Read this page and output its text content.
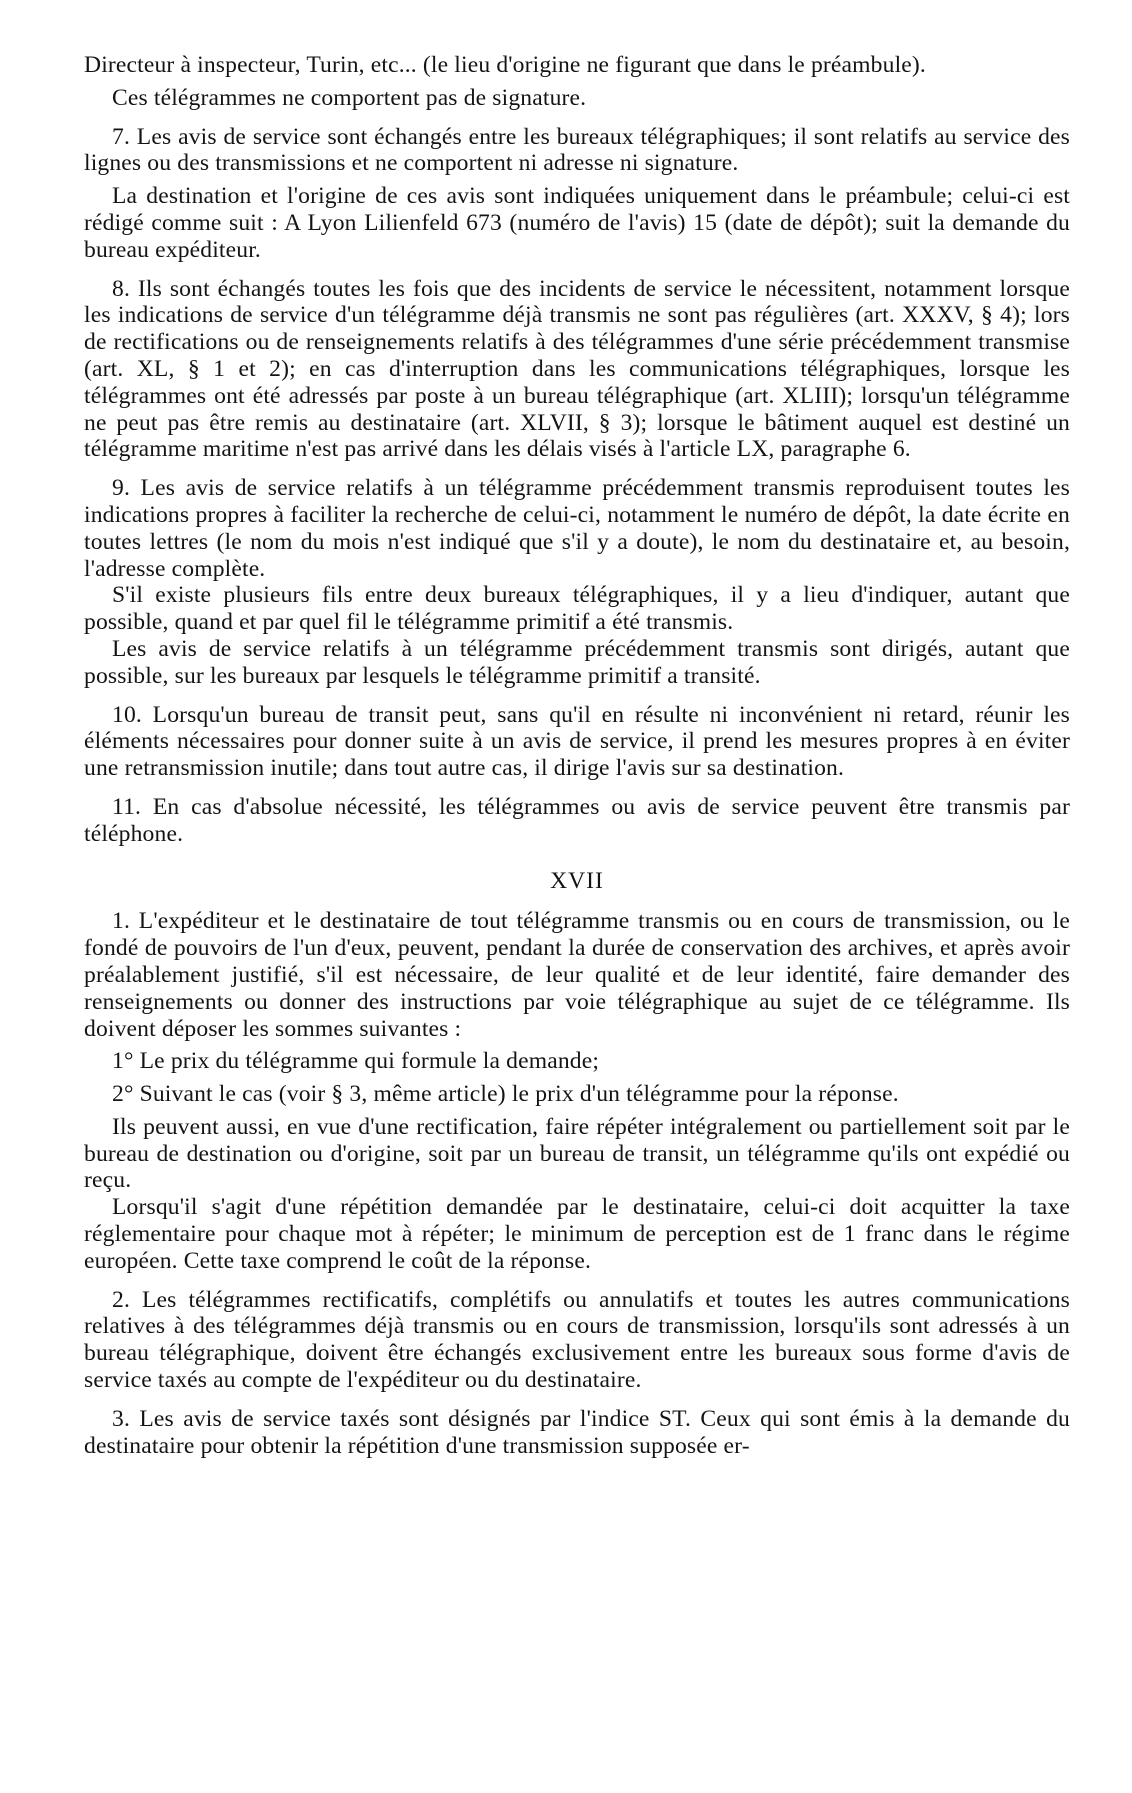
Directeur à inspecteur, Turin, etc... (le lieu d'origine ne figurant que dans le préambule).

Ces télégrammes ne comportent pas de signature.

7. Les avis de service sont échangés entre les bureaux télégraphiques; il sont relatifs au service des lignes ou des transmissions et ne comportent ni adresse ni signature.

La destination et l'origine de ces avis sont indiquées uniquement dans le préambule; celui-ci est rédigé comme suit : A Lyon Lilienfeld 673 (numéro de l'avis) 15 (date de dépôt); suit la demande du bureau expéditeur.

8. Ils sont échangés toutes les fois que des incidents de service le nécessitent, notamment lorsque les indications de service d'un télégramme déjà transmis ne sont pas régulières (art. XXXV, § 4); lors de rectifications ou de renseignements relatifs à des télégrammes d'une série précédemment transmise (art. XL, § 1 et 2); en cas d'interruption dans les communications télégraphiques, lorsque les télégrammes ont été adressés par poste à un bureau télégraphique (art. XLIII); lorsqu'un télégramme ne peut pas être remis au destinataire (art. XLVII, § 3); lorsque le bâtiment auquel est destiné un télégramme maritime n'est pas arrivé dans les délais visés à l'article LX, paragraphe 6.

9. Les avis de service relatifs à un télégramme précédemment transmis reproduisent toutes les indications propres à faciliter la recherche de celui-ci, notamment le numéro de dépôt, la date écrite en toutes lettres (le nom du mois n'est indiqué que s'il y a doute), le nom du destinataire et, au besoin, l'adresse complète.

S'il existe plusieurs fils entre deux bureaux télégraphiques, il y a lieu d'indiquer, autant que possible, quand et par quel fil le télégramme primitif a été transmis.

Les avis de service relatifs à un télégramme précédemment transmis sont dirigés, autant que possible, sur les bureaux par lesquels le télégramme primitif a transité.

10. Lorsqu'un bureau de transit peut, sans qu'il en résulte ni inconvénient ni retard, réunir les éléments nécessaires pour donner suite à un avis de service, il prend les mesures propres à en éviter une retransmission inutile; dans tout autre cas, il dirige l'avis sur sa destination.

11. En cas d'absolue nécessité, les télégrammes ou avis de service peuvent être transmis par téléphone.

XVII

1. L'expéditeur et le destinataire de tout télégramme transmis ou en cours de transmission, ou le fondé de pouvoirs de l'un d'eux, peuvent, pendant la durée de conservation des archives, et après avoir préalablement justifié, s'il est nécessaire, de leur qualité et de leur identité, faire demander des renseignements ou donner des instructions par voie télégraphique au sujet de ce télégramme. Ils doivent déposer les sommes suivantes :

1° Le prix du télégramme qui formule la demande;

2° Suivant le cas (voir § 3, même article) le prix d'un télégramme pour la réponse.

Ils peuvent aussi, en vue d'une rectification, faire répéter intégralement ou partiellement soit par le bureau de destination ou d'origine, soit par un bureau de transit, un télégramme qu'ils ont expédié ou reçu.

Lorsqu'il s'agit d'une répétition demandée par le destinataire, celui-ci doit acquitter la taxe réglementaire pour chaque mot à répéter; le minimum de perception est de 1 franc dans le régime européen. Cette taxe comprend le coût de la réponse.

2. Les télégrammes rectificatifs, complétifs ou annulatifs et toutes les autres communications relatives à des télégrammes déjà transmis ou en cours de transmission, lorsqu'ils sont adressés à un bureau télégraphique, doivent être échangés exclusivement entre les bureaux sous forme d'avis de service taxés au compte de l'expéditeur ou du destinataire.

3. Les avis de service taxés sont désignés par l'indice ST. Ceux qui sont émis à la demande du destinataire pour obtenir la répétition d'une transmission supposée er-
